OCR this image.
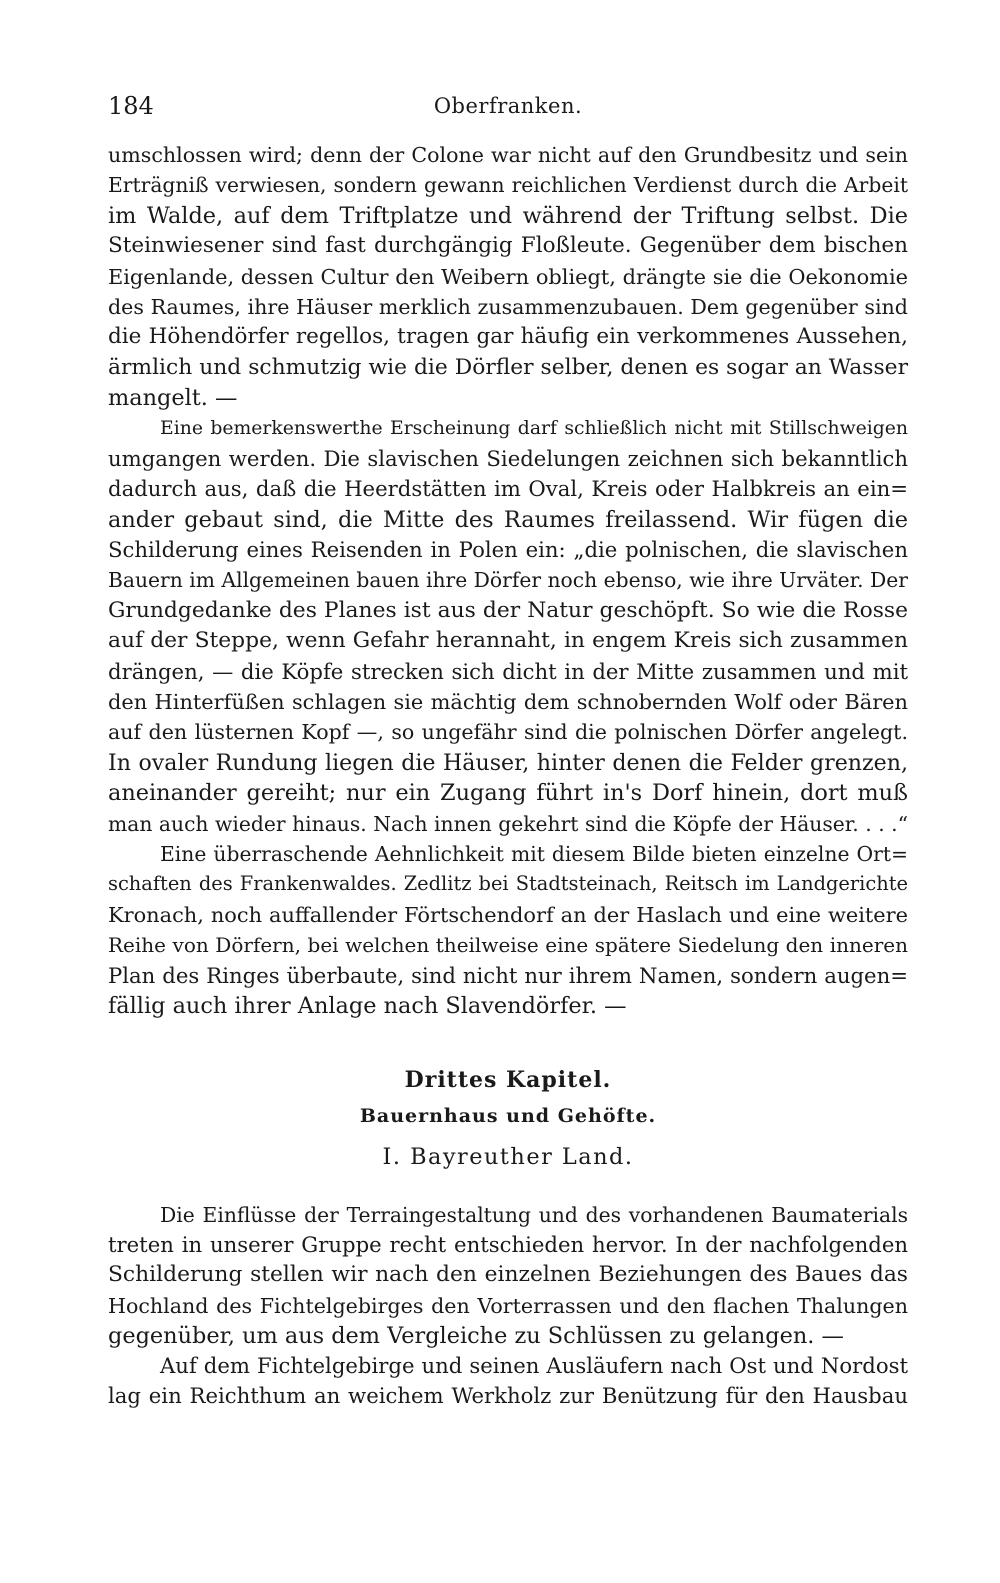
184	Oberfranken.
umschlossen wird; denn der Colone war nicht auf den Grundbesitz und sein
Erträgniß verwiesen, sondern gewann reichlichen Verdienst durch die Arbeit
im Walde, auf dem Triftplatze und während der Triftung selbst. Die
Steinwiesener sind fast durchgängig Floßleute. Gegenüber dem bischen
Eigenlande, dessen Cultur den Weibern obliegt, drängte sie die Oekonomie
des Raumes, ihre Häuser merklich zusammenzubauen. Dem gegenüber sind
die Höhendörfer regellos, tragen gar häufig ein verkommenes Aussehen,
ärmlich und schmutzig wie die Dörfler selber, denen es sogar an Wasser
mangelt. —
Eine bemerkenswerthe Erscheinung darf schließlich nicht mit Stillschweigen
umgangen werden. Die slavischen Siedelungen zeichnen sich bekanntlich
dadurch aus, daß die Heerdstätten im Oval, Kreis oder Halbkreis an ein=
ander gebaut sind, die Mitte des Raumes freilassend. Wir fügen die
Schilderung eines Reisenden in Polen ein: „die polnischen, die slavischen
Bauern im Allgemeinen bauen ihre Dörfer noch ebenso, wie ihre Urväter. Der
Grundgedanke des Planes ist aus der Natur geschöpft. So wie die Rosse
auf der Steppe, wenn Gefahr herannaht, in engem Kreis sich zusammen
drängen, — die Köpfe strecken sich dicht in der Mitte zusammen und mit
den Hinterfüßen schlagen sie mächtig dem schnobernden Wolf oder Bären
auf den lüsternen Kopf —, so ungefähr sind die polnischen Dörfer angelegt.
In ovaler Rundung liegen die Häuser, hinter denen die Felder grenzen,
aneinander gereiht; nur ein Zugang führt in's Dorf hinein, dort muß
man auch wieder hinaus. Nach innen gekehrt sind die Köpfe der Häuser. . . .“
Eine überraschende Aehnlichkeit mit diesem Bilde bieten einzelne Ort=
schaften des Frankenwaldes. Zedlitz bei Stadtsteinach, Reitsch im Landgerichte
Kronach, noch auffallender Förtschendorf an der Haslach und eine weitere
Reihe von Dörfern, bei welchen theilweise eine spätere Siedelung den inneren
Plan des Ringes überbaute, sind nicht nur ihrem Namen, sondern augen=
fällig auch ihrer Anlage nach Slavendörfer. —
Drittes Kapitel.
Bauernhaus und Gehöfte.
I. Bayreuther Land.
Die Einflüsse der Terraingestaltung und des vorhandenen Baumaterials
treten in unserer Gruppe recht entschieden hervor. In der nachfolgenden
Schilderung stellen wir nach den einzelnen Beziehungen des Baues das
Hochland des Fichtelgebirges den Vorterrassen und den flachen Thalungen
gegenüber, um aus dem Vergleiche zu Schlüssen zu gelangen. —
Auf dem Fichtelgebirge und seinen Ausläufern nach Ost und Nordost
lag ein Reichthum an weichem Werkholz zur Benützung für den Hausbau
